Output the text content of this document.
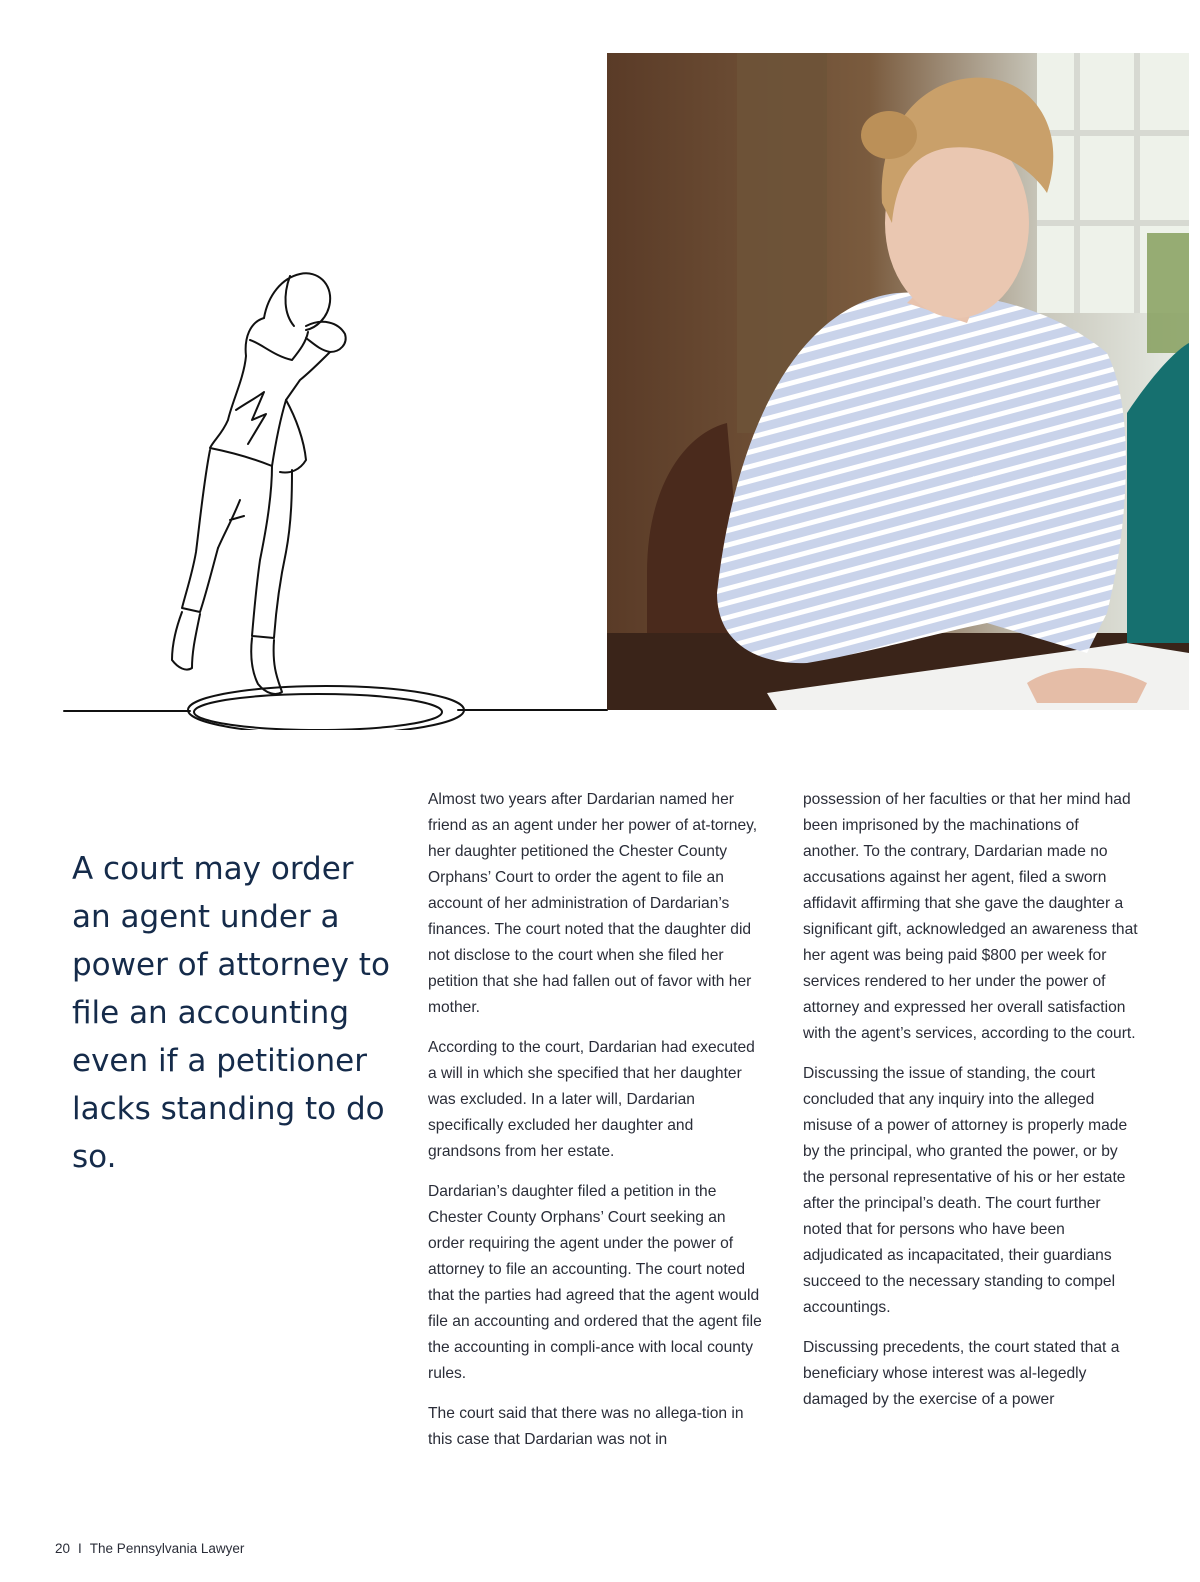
A court may order an agent under a power of attorney to file an accounting even if a petitioner lacks standing to do so.

Almost two years after Dardarian named her friend as an agent under her power of at-torney, her daughter petitioned the Chester County Orphans’ Court to order the agent to file an account of her administration of Dardarian’s finances. The court noted that the daughter did not disclose to the court when she filed her petition that she had fallen out of favor with her mother.

According to the court, Dardarian had executed a will in which she specified that her daughter was excluded. In a later will, Dardarian specifically excluded her daughter and grandsons from her estate.

Dardarian’s daughter filed a petition in the Chester County Orphans’ Court seeking an order requiring the agent under the power of attorney to file an accounting. The court noted that the parties had agreed that the agent would file an accounting and ordered that the agent file the accounting in compli-ance with local county rules.

The court said that there was no allega-tion in this case that Dardarian was not in

possession of her faculties or that her mind had been imprisoned by the machinations of another. To the contrary, Dardarian made no accusations against her agent, filed a sworn affidavit affirming that she gave the daughter a significant gift, acknowledged an awareness that her agent was being paid $800 per week for services rendered to her under the power of attorney and expressed her overall satisfaction with the agent’s services, according to the court.

Discussing the issue of standing, the court concluded that any inquiry into the alleged misuse of a power of attorney is properly made by the principal, who granted the power, or by the personal representative of his or her estate after the principal’s death. The court further noted that for persons who have been adjudicated as incapacitated, their guardians succeed to the necessary standing to compel accountings.

Discussing precedents, the court stated that a beneficiary whose interest was al-legedly damaged by the exercise of a power

20 I The Pennsylvania Lawyer
